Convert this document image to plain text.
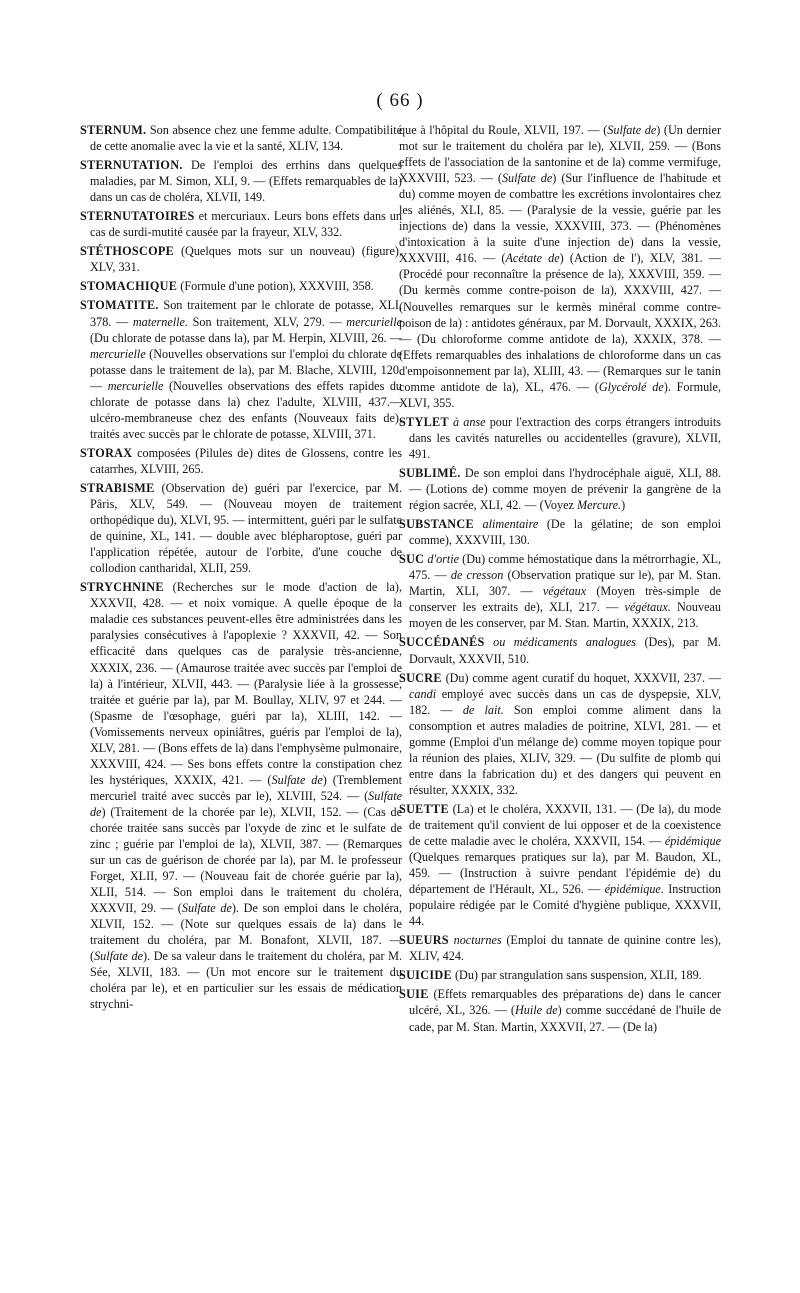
( 66 )

STERNUM. Son absence chez une femme adulte. Compatibilité de cette anomalie avec la vie et la santé, XLIV, 134.

STERNUTATION. De l'emploi des errhins dans quelques maladies, par M. Simon, XLI, 9. — (Effets remarquables de la) dans un cas de choléra, XLVII, 149.

STERNUTATOIRES et mercuriaux. Leurs bons effets dans un cas de surdi-mutité causée par la frayeur, XLV, 332.

STÉTHOSCOPE (Quelques mots sur un nouveau) (figure), XLV, 331.

STOMACHIQUE (Formule d'une potion), XXXVIII, 358.

STOMATITE. Son traitement par le chlorate de potasse, XLI, 378. — maternelle. Son traitement, XLV, 279. — mercurielle (Du chlorate de potasse dans la), par M. Herpin, XLVIII, 26. — mercurielle (Nouvelles observations sur l'emploi du chlorate de potasse dans le traitement de la), par M. Blache, XLVIII, 120. — mercurielle (Nouvelles observations des effets rapides du chlorate de potasse dans la) chez l'adulte, XLVIII, 437.— ulcéro-membraneuse chez des enfants (Nouveaux faits de), traités avec succès par le chlorate de potasse, XLVIII, 371.

STORAX composées (Pilules de) dites de Glossens, contre les catarrhes, XLVIII, 265.

STRABISME (Observation de) guéri par l'exercice, par M. Pâris, XLV, 549. — (Nouveau moyen de traitement orthopédique du), XLVI, 95. — intermittent, guéri par le sulfate de quinine, XL, 141. — double avec blépharoptose, guéri par l'application répétée, autour de l'orbite, d'une couche de collodion cantharidal, XLII, 259.

STRYCHNINE (Recherches sur le mode d'action de la), XXXVII, 428. — et noix vomique. A quelle époque de la maladie ces substances peuvent-elles être administrées dans les paralysies consécutives à l'apoplexie ? XXXVII, 42. — Son efficacité dans quelques cas de paralysie très-ancienne, XXXIX, 236. — (Amaurose traitée avec succès par l'emploi de la) à l'intérieur, XLVII, 443. — (Paralysie liée à la grossesse, traitée et guérie par la), par M. Boullay, XLIV, 97 et 244. — (Spasme de l'œsophage, guéri par la), XLIII, 142. — (Vomissements nerveux opiniâtres, guéris par l'emploi de la), XLV, 281. — (Bons effets de la) dans l'emphysème pulmonaire, XXXVIII, 424. — Ses bons effets contre la constipation chez les hystériques, XXXIX, 421. — (Sulfate de) (Tremblement mercuriel traité avec succès par le), XLVIII, 524. — (Sulfate de) (Traitement de la chorée par le), XLVII, 152. — (Cas de chorée traitée sans succès par l'oxyde de zinc et le sulfate de zinc ; guérie par l'emploi de la), XLVII, 387. — (Remarques sur un cas de guérison de chorée par la), par M. le professeur Forget, XLII, 97. — (Nouveau fait de chorée guérie par la), XLII, 514. — Son emploi dans le traitement du choléra, XXXVII, 29. — (Sulfate de). De son emploi dans le choléra, XLVII, 152. — (Note sur quelques essais de la) dans le traitement du choléra, par M. Bonafont, XLVII, 187. — (Sulfate de). De sa valeur dans le traitement du choléra, par M. Sée, XLVII, 183. — (Un mot encore sur le traitement du choléra par le), et en particulier sur les essais de médication strychni-

que à l'hôpital du Roule, XLVII, 197. — (Sulfate de) (Un dernier mot sur le traitement du choléra par le), XLVII, 259. — (Bons effets de l'association de la santonine et de la) comme vermifuge, XXXVIII, 523. — (Sulfate de) (Sur l'influence de l'habitude et du) comme moyen de combattre les excrétions involontaires chez les aliénés, XLI, 85. — (Paralysie de la vessie, guérie par les injections de) dans la vessie, XXXVIII, 373. — (Phénomènes d'intoxication à la suite d'une injection de) dans la vessie, XXXVIII, 416. — (Acétate de) (Action de l'), XLV, 381. —(Procédé pour reconnaître la présence de la), XXXVIII, 359. — (Du kermès comme contre-poison de la), XXXVIII, 427. — (Nouvelles remarques sur le kermès minéral comme contre-poison de la) : antidotes généraux, par M. Dorvault, XXXIX, 263. — (Du chloroforme comme antidote de la), XXXIX, 378. — (Effets remarquables des inhalations de chloroforme dans un cas d'empoisonnement par la), XLIII, 43. — (Remarques sur le tanin comme antidote de la), XL, 476. — (Glycérolé de). Formule, XLVI, 355.

STYLET à anse pour l'extraction des corps étrangers introduits dans les cavités naturelles ou accidentelles (gravure), XLVII, 491.

SUBLIMÉ. De son emploi dans l'hydrocéphale aiguë, XLI, 88.— (Lotions de) comme moyen de prévenir la gangrène de la région sacrée, XLI, 42. — (Voyez Mercure.)

SUBSTANCE alimentaire (De la gélatine; de son emploi comme), XXXVIII, 130.

SUC d'ortie (Du) comme hémostatique dans la métrorrhagie, XL, 475. — de cresson (Observation pratique sur le), par M. Stan. Martin, XLI, 307. — végétaux (Moyen très-simple de conserver les extraits de), XLI, 217. — végétaux. Nouveau moyen de les conserver, par M. Stan. Martin, XXXIX, 213.

SUCCÉDANÉS ou médicaments analogues (Des), par M. Dorvault, XXXVII, 510.

SUCRE (Du) comme agent curatif du hoquet, XXXVII, 237. — candi employé avec succès dans un cas de dyspepsie, XLV, 182. — de lait. Son emploi comme aliment dans la consomption et autres maladies de poitrine, XLVI, 281. — et gomme (Emploi d'un mélange de) comme moyen topique pour la réunion des plaies, XLIV, 329. — (Du sulfite de plomb qui entre dans la fabrication du) et des dangers qui peuvent en résulter, XXXIX, 332.

SUETTE (La) et le choléra, XXXVII, 131. — (De la), du mode de traitement qu'il convient de lui opposer et de la coexistence de cette maladie avec le choléra, XXXVII, 154. — épidémique (Quelques remarques pratiques sur la), par M. Baudon, XL, 459. — (Instruction à suivre pendant l'épidémie de) du département de l'Hérault, XL, 526. — épidémique. Instruction populaire rédigée par le Comité d'hygiène publique, XXXVII, 44.

SUEURS nocturnes (Emploi du tannate de quinine contre les), XLIV, 424.

SUICIDE (Du) par strangulation sans suspension, XLII, 189.

SUIE (Effets remarquables des préparations de) dans le cancer ulcéré, XL, 326. — (Huile de) comme succédané de l'huile de cade, par M. Stan. Martin, XXXVII, 27. — (De la)
